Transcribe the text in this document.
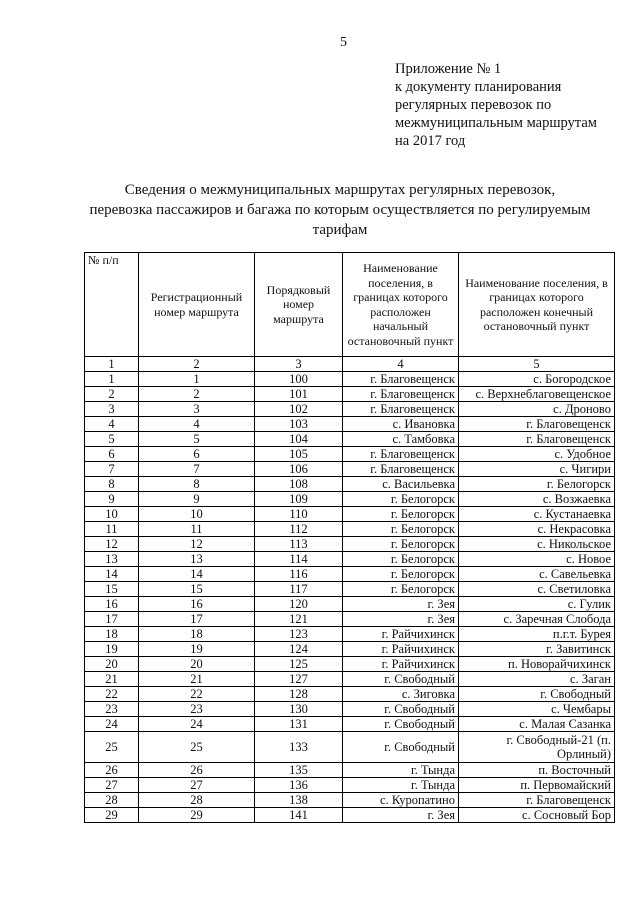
5
Приложение № 1
к документу планирования
регулярных перевозок по
межмуниципальным маршрутам
на 2017 год
Сведения о межмуниципальных маршрутах регулярных перевозок,
перевозка пассажиров и багажа по которым осуществляется по регулируемым
тарифам
№ п/п	Регистрационный номер маршрута	Порядковый номер маршрута	Наименование поселения, в границах которого расположен начальный остановочный пункт	Наименование поселения, в границах которого расположен конечный остановочный пункт
1	2	3	4	5
1	1	100	г. Благовещенск	с. Богородское
2	2	101	г. Благовещенск	с. Верхнеблаговещенское
3	3	102	г. Благовещенск	с. Дроново
4	4	103	с. Ивановка	г. Благовещенск
5	5	104	с. Тамбовка	г. Благовещенск
6	6	105	г. Благовещенск	с. Удобное
7	7	106	г. Благовещенск	с. Чигири
8	8	108	с. Васильевка	г. Белогорск
9	9	109	г. Белогорск	с. Возжаевка
10	10	110	г. Белогорск	с. Кустанаевка
11	11	112	г. Белогорск	с. Некрасовка
12	12	113	г. Белогорск	с. Никольское
13	13	114	г. Белогорск	с. Новое
14	14	116	г. Белогорск	с. Савельевка
15	15	117	г. Белогорск	с. Светиловка
16	16	120	г. Зея	с. Гулик
17	17	121	г. Зея	с. Заречная Слобода
18	18	123	г. Райчихинск	п.г.т. Бурея
19	19	124	г. Райчихинск	г. Завитинск
20	20	125	г. Райчихинск	п. Новорайчихинск
21	21	127	г. Свободный	с. Заган
22	22	128	с. Зиговка	г. Свободный
23	23	130	г. Свободный	с. Чембары
24	24	131	г. Свободный	с. Малая Сазанка
25	25	133	г. Свободный	г. Свободный-21 (п. Орлиный)
26	26	135	г. Тында	п. Восточный
27	27	136	г. Тында	п. Первомайский
28	28	138	с. Куропатино	г. Благовещенск
29	29	141	г. Зея	с. Сосновый Бор
